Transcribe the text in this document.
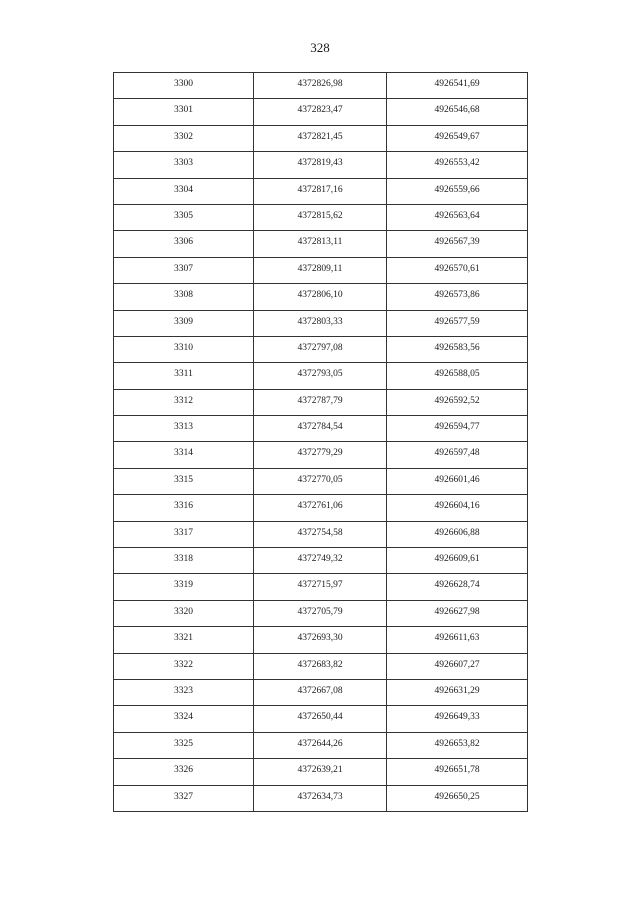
328
3300	4372826,98	4926541,69
3301	4372823,47	4926546,68
3302	4372821,45	4926549,67
3303	4372819,43	4926553,42
3304	4372817,16	4926559,66
3305	4372815,62	4926563,64
3306	4372813,11	4926567,39
3307	4372809,11	4926570,61
3308	4372806,10	4926573,86
3309	4372803,33	4926577,59
3310	4372797,08	4926583,56
3311	4372793,05	4926588,05
3312	4372787,79	4926592,52
3313	4372784,54	4926594,77
3314	4372779,29	4926597,48
3315	4372770,05	4926601,46
3316	4372761,06	4926604,16
3317	4372754,58	4926606,88
3318	4372749,32	4926609,61
3319	4372715,97	4926628,74
3320	4372705,79	4926627,98
3321	4372693,30	4926611,63
3322	4372683,82	4926607,27
3323	4372667,08	4926631,29
3324	4372650,44	4926649,33
3325	4372644,26	4926653,82
3326	4372639,21	4926651,78
3327	4372634,73	4926650,25
